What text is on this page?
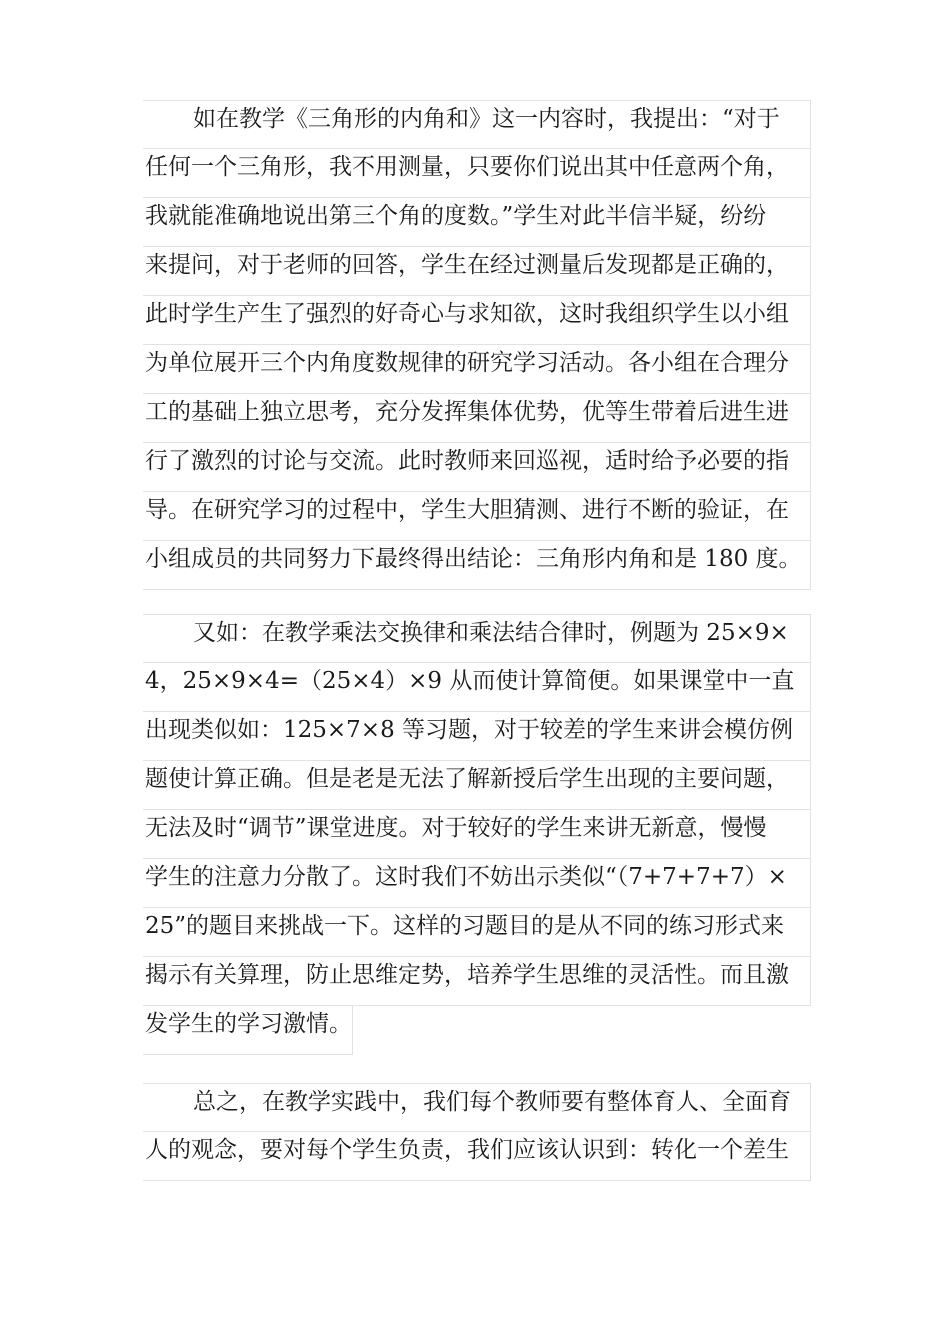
如在教学《三角形的内角和》这一内容时，我提出：“对于
任何一个三角形，我不用测量，只要你们说出其中任意两个角，
我就能准确地说出第三个角的度数。”学生对此半信半疑，纷纷
来提问，对于老师的回答，学生在经过测量后发现都是正确的，
此时学生产生了强烈的好奇心与求知欲，这时我组织学生以小组
为单位展开三个内角度数规律的研究学习活动。各小组在合理分
工的基础上独立思考，充分发挥集体优势，优等生带着后进生进
行了激烈的讨论与交流。此时教师来回巡视，适时给予必要的指
导。在研究学习的过程中，学生大胆猜测、进行不断的验证，在
小组成员的共同努力下最终得出结论：三角形内角和是 180 度。
又如：在教学乘法交换律和乘法结合律时，例题为 25×9×
4，25×9×4=（25×4）×9 从而使计算简便。如果课堂中一直
出现类似如：125×7×8 等习题，对于较差的学生来讲会模仿例
题使计算正确。但是老是无法了解新授后学生出现的主要问题，
无法及时“调节”课堂进度。对于较好的学生来讲无新意，慢慢
学生的注意力分散了。这时我们不妨出示类似“（7+7+7+7）×
25”的题目来挑战一下。这样的习题目的是从不同的练习形式来
揭示有关算理，防止思维定势，培养学生思维的灵活性。而且激
发学生的学习激情。
总之，在教学实践中，我们每个教师要有整体育人、全面育
人的观念，要对每个学生负责，我们应该认识到：转化一个差生
